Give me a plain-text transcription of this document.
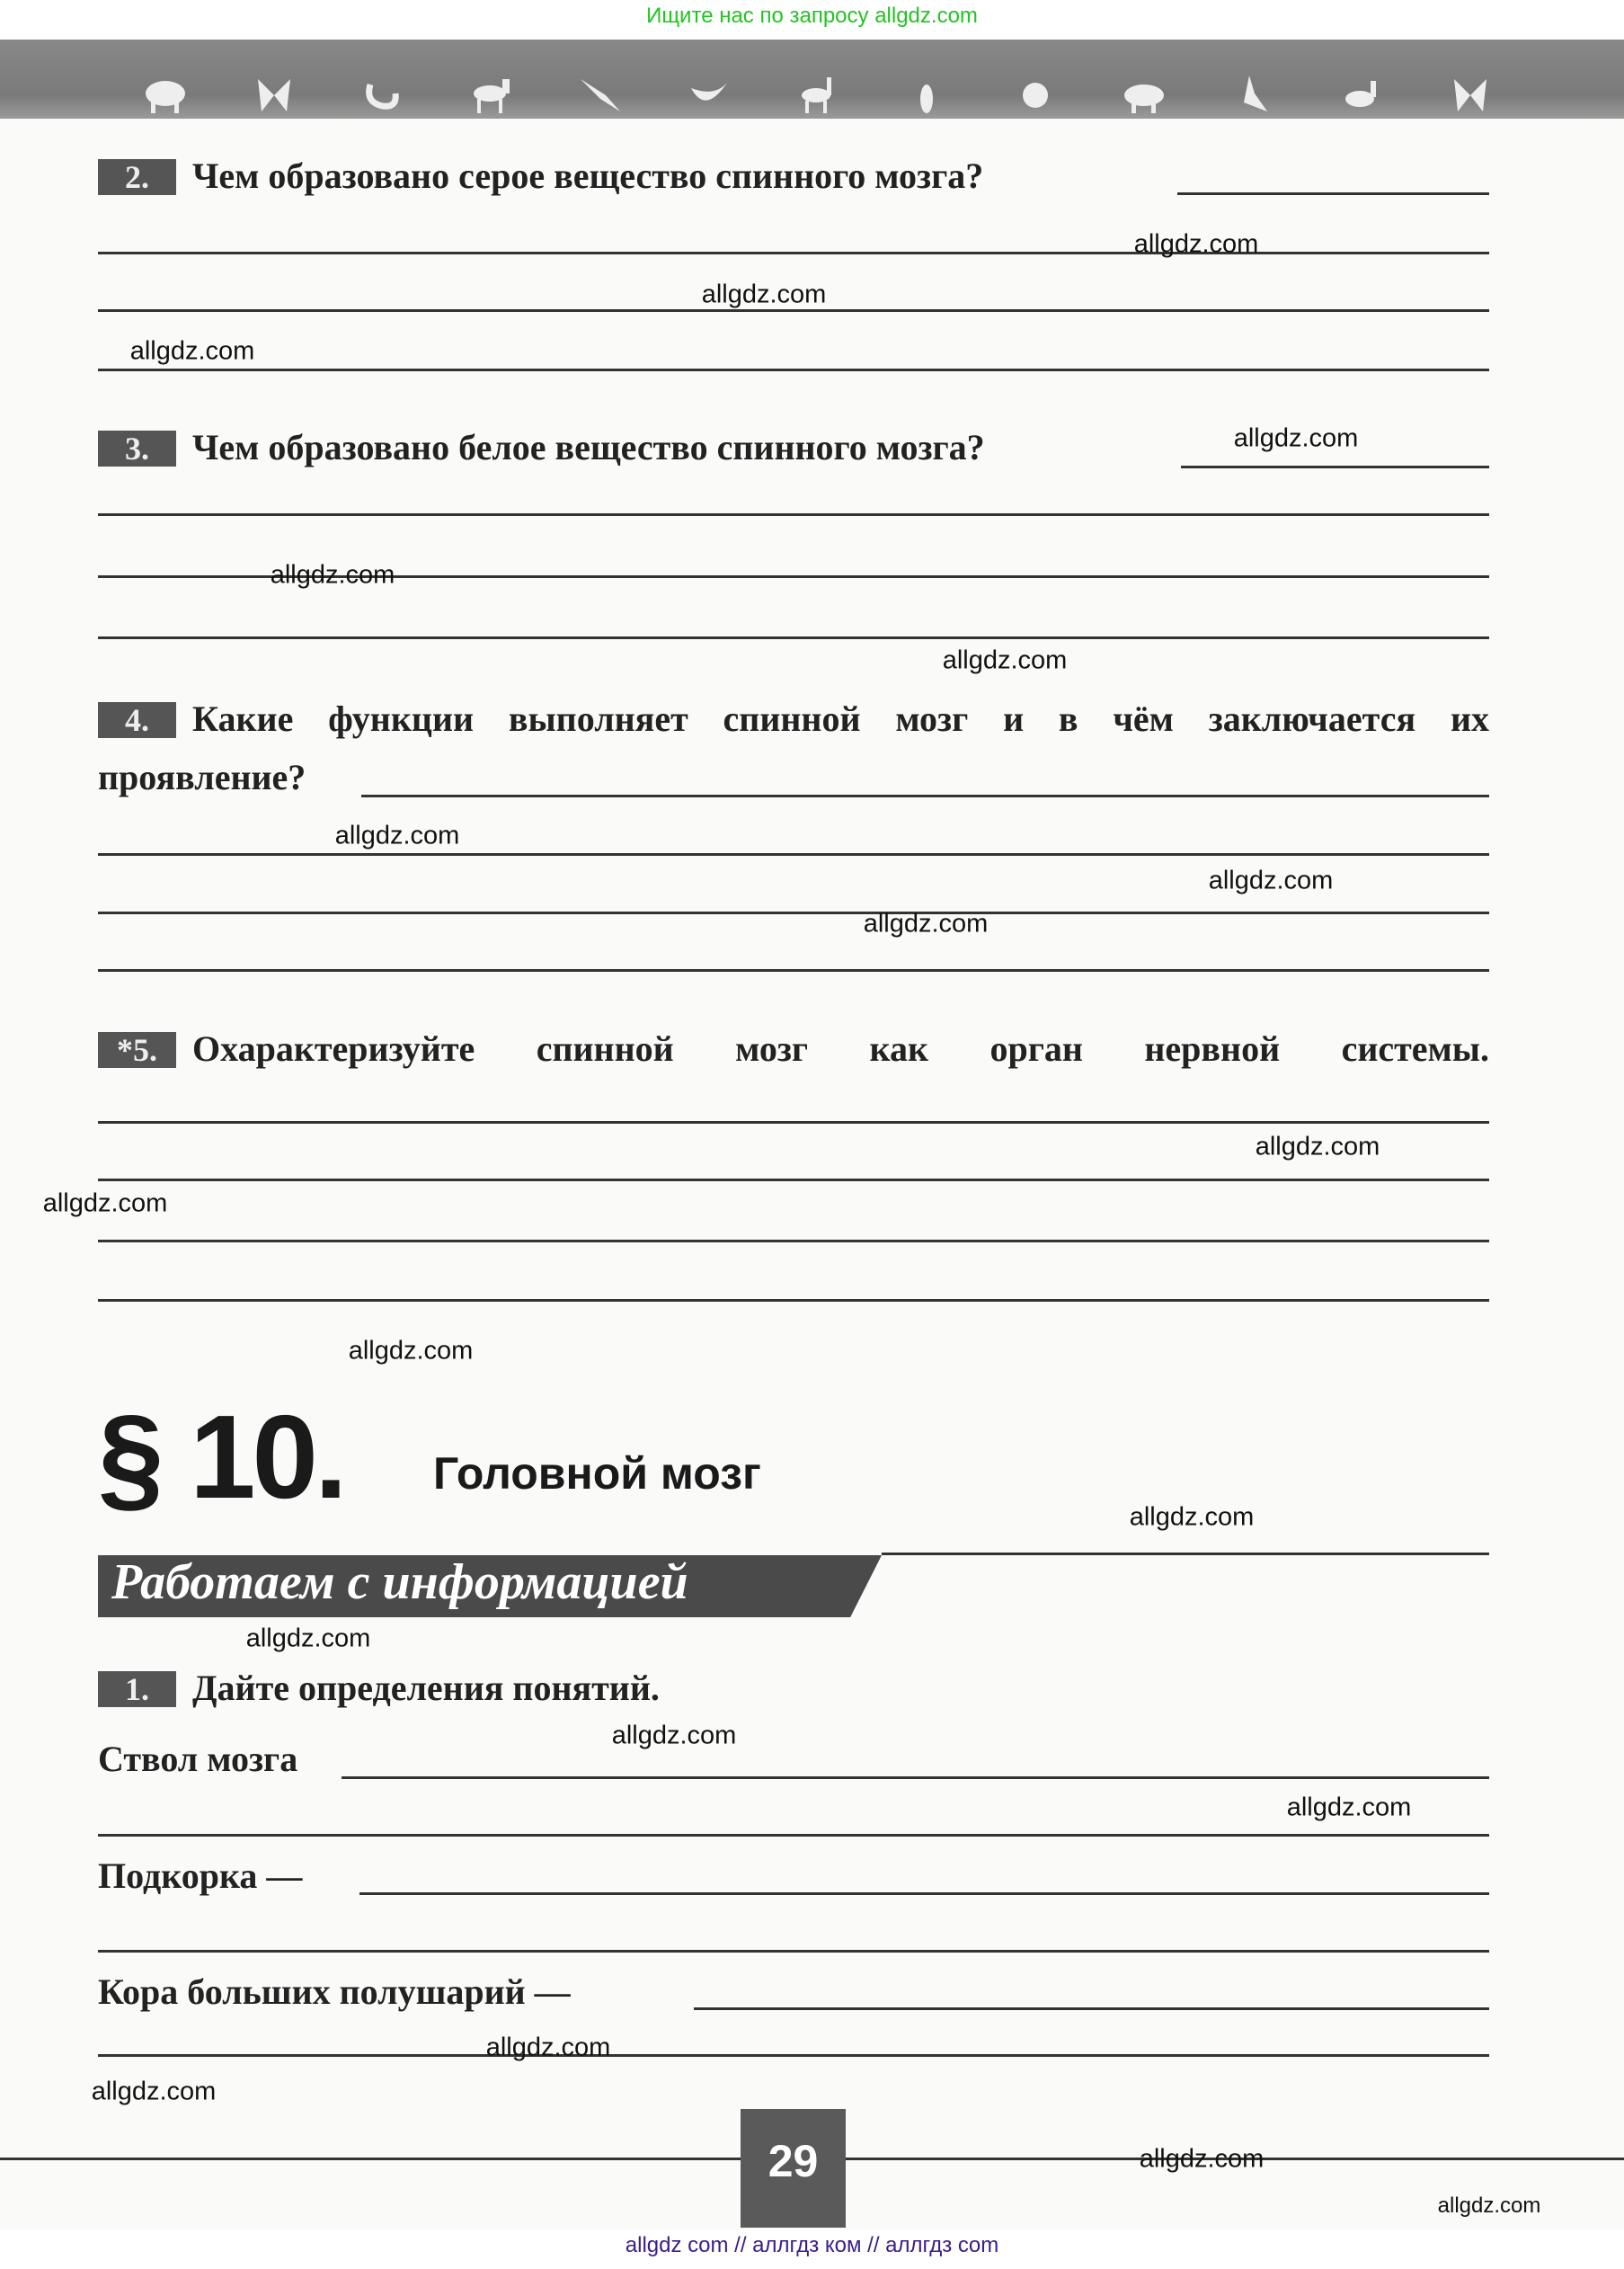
Ищите нас по запросу allgdz.com
2.	Чем образовано серое вещество спинного мозга?
3.	Чем образовано белое вещество спинного мозга?
4.	Какие функции выполняет спинной мозг и в чём заключается их
проявление?
*5. Охарактеризуйте спинной мозг как орган нервной системы.
§ 10. Головной мозг
Работаем с информацией
1.	Дайте определения понятий.
Ствол мозга
Подкорка —
Кора больших полушарий —
29
allgdz com // аллгдз ком // аллгдз com
allgdz.com
allgdz.com
allgdz.com
allgdz.com
allgdz.com
allgdz.com
allgdz.com
allgdz.com
allgdz.com
allgdz.com
allgdz.com
allgdz.com
allgdz.com
allgdz.com
allgdz.com
allgdz.com
allgdz.com
allgdz.com
allgdz.com
allgdz.com
